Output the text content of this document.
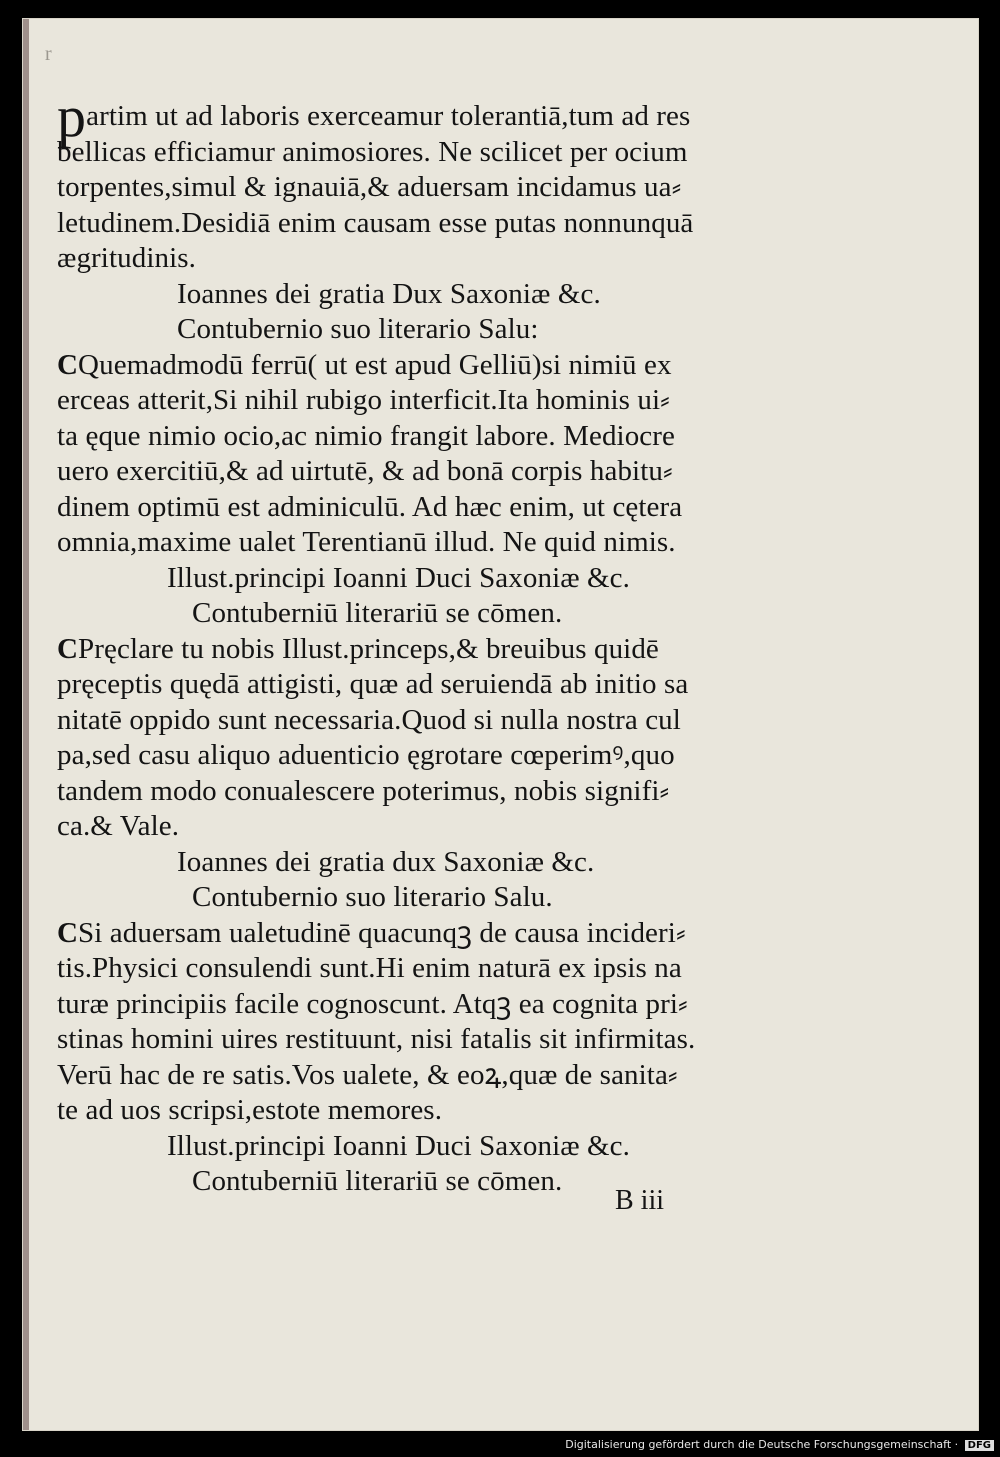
r
partim ut ad laboris exerceamur tolerantiā,tum ad res
bellicas efficiamur animosiores. Ne scilicet per ocium
torpentes,simul & ignauiā,& aduersam incidamus ua⸗
letudinem.Desidiā enim causam esse putas nonnunquā
ægritudinis.
Ioannes dei gratia Dux Saxoniæ &c.
Contubernio suo literario Salu:
CQuemadmodū ferrū( ut est apud Gelliū)si nimiū ex
erceas atterit,Si nihil rubigo interficit.Ita hominis ui⸗
ta ęque nimio ocio,ac nimio frangit labore. Mediocre
uero exercitiū,& ad uirtutē, & ad bonā corpis habitu⸗
dinem optimū est adminiculū. Ad hæc enim, ut cętera
omnia,maxime ualet Terentianū illud. Ne quid nimis.
Illust.principi Ioanni Duci Saxoniæ &c.
Contuberniū literariū se cōmen.
CPręclare tu nobis Illust.princeps,& breuibus quidē
pręceptis quędā attigisti, quæ ad seruiendā ab initio sa
nitatē oppido sunt necessaria.Quod si nulla nostra cul
pa,sed casu aliquo aduenticio ęgrotare cœperimꝰ,quo
tandem modo conualescere poterimus, nobis signifi⸗
ca.& Vale.
Ioannes dei gratia dux Saxoniæ &c.
Contubernio suo literario Salu.
CSi aduersam ualetudinē quacunqꝫ de causa incideri⸗
tis.Physici consulendi sunt.Hi enim naturā ex ipsis na
turæ principiis facile cognoscunt. Atqꝫ ea cognita pri⸗
stinas homini uires restituunt, nisi fatalis sit infirmitas.
Verū hac de re satis.Vos ualete, & eoꝝ,quæ de sanita⸗
te ad uos scripsi,estote memores.
Illust.principi Ioanni Duci Saxoniæ &c.
Contuberniū literariū se cōmen.
B iii
Digitalisierung gefördert durch die Deutsche Forschungsgemeinschaft · DFG
